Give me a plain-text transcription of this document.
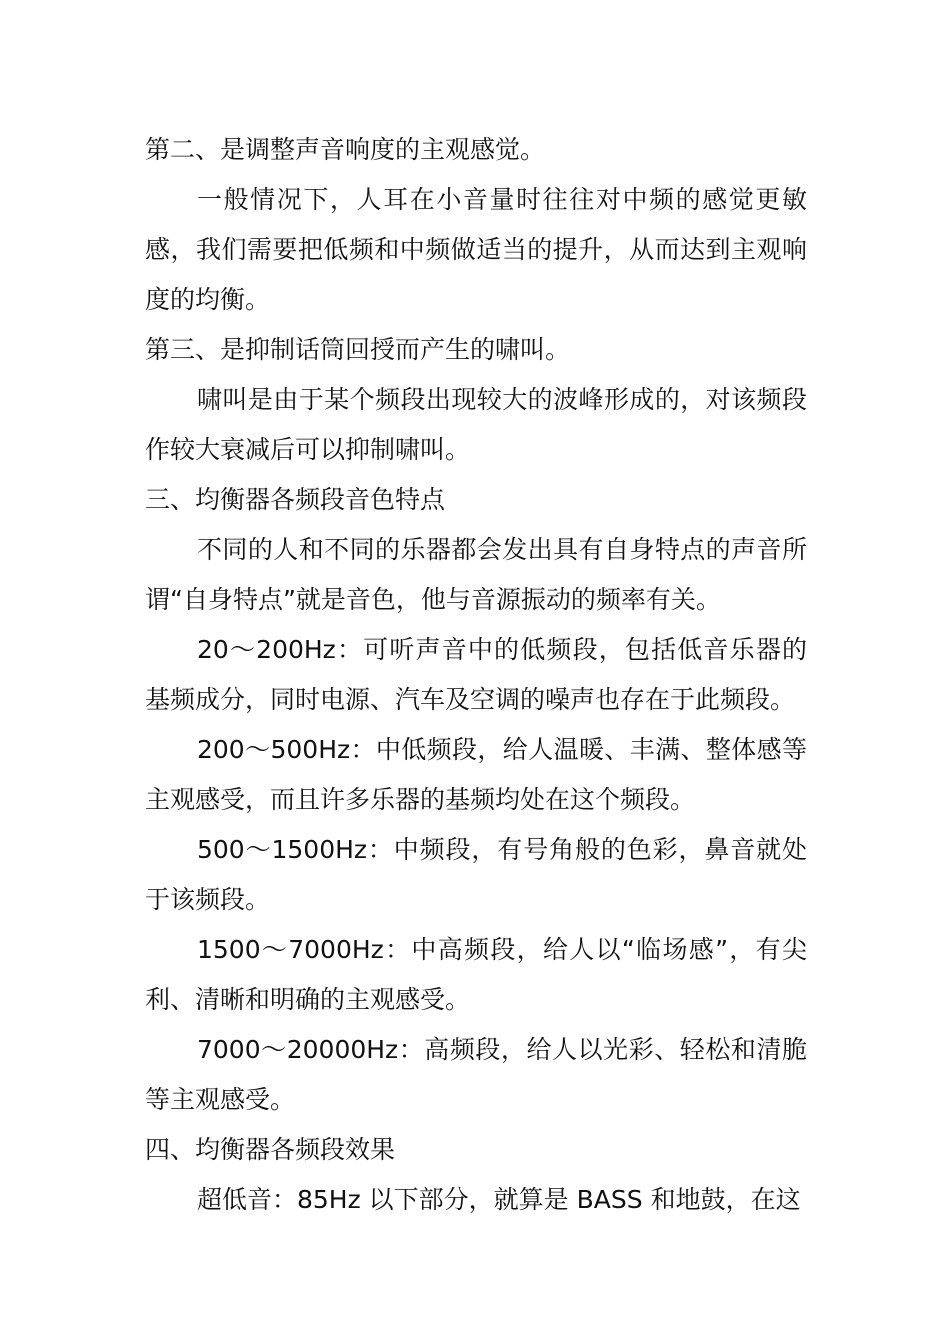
第二、是调整声音响度的主观感觉。

一般情况下，人耳在小音量时往往对中频的感觉更敏感，我们需要把低频和中频做适当的提升，从而达到主观响度的均衡。

第三、是抑制话筒回授而产生的啸叫。

啸叫是由于某个频段出现较大的波峰形成的，对该频段作较大衰减后可以抑制啸叫。

三、均衡器各频段音色特点

不同的人和不同的乐器都会发出具有自身特点的声音所谓“自身特点”就是音色，他与音源振动的频率有关。

20～200Hz：可听声音中的低频段，包括低音乐器的基频成分，同时电源、汽车及空调的噪声也存在于此频段。

200～500Hz：中低频段，给人温暖、丰满、整体感等主观感受，而且许多乐器的基频均处在这个频段。

500～1500Hz：中频段，有号角般的色彩，鼻音就处于该频段。

1500～7000Hz：中高频段，给人以“临场感”，有尖利、清晰和明确的主观感受。

7000～20000Hz：高频段，给人以光彩、轻松和清脆等主观感受。

四、均衡器各频段效果

超低音：85Hz 以下部分，就算是 BASS 和地鼓，在这
